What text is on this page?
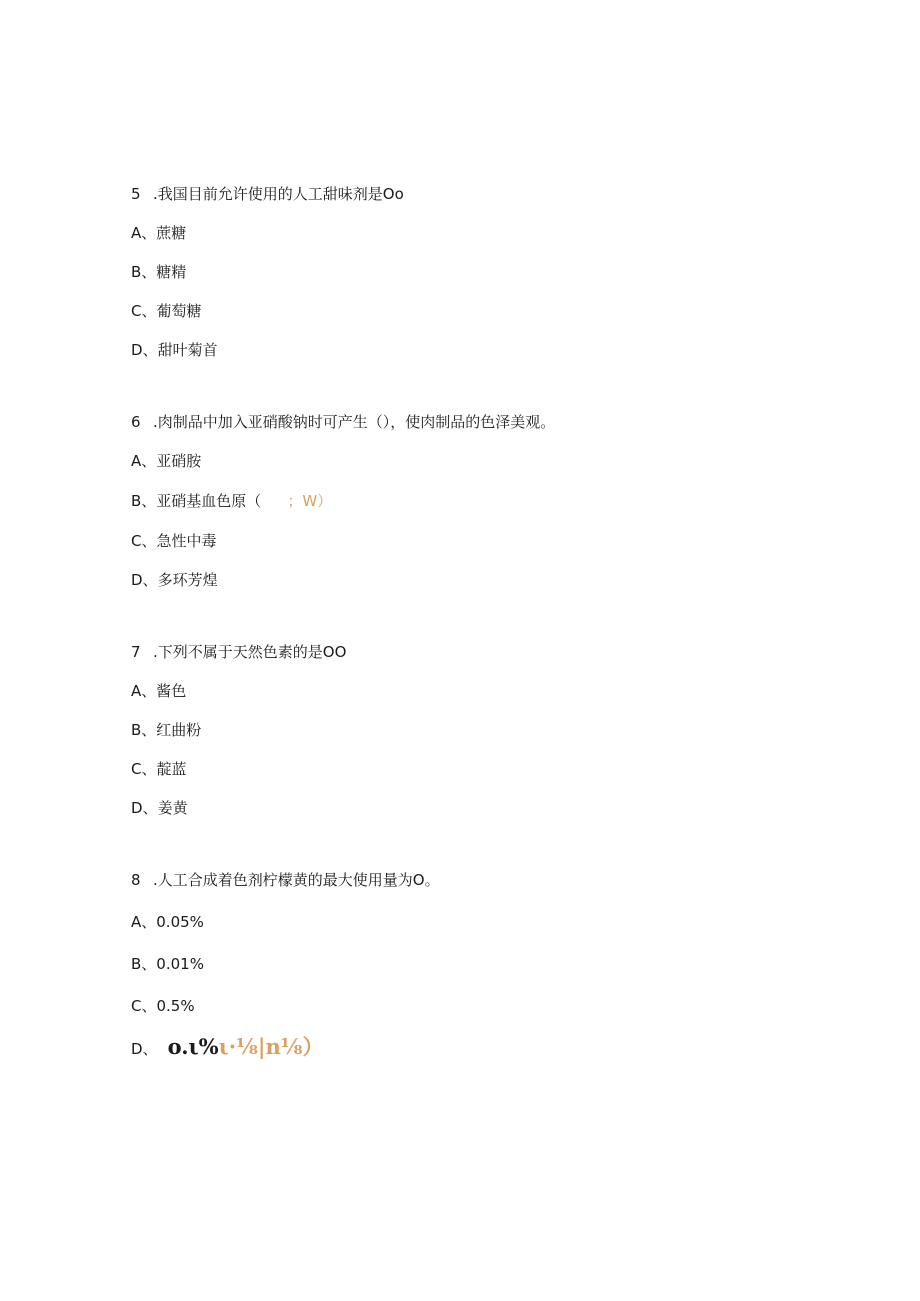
5 .我国目前允许使用的人工甜味剂是Oo
A、蔗糖
B、糖精
C、葡萄糖
D、甜叶菊首
6 .肉制品中加入亚硝酸钠时可产生（），使肉制品的色泽美观。
A、亚硝胺
B、亚硝基血色原（ ；W）
C、急性中毒
D、多环芳煌
7 .下列不属于天然色素的是OO
A、酱色
B、红曲粉
C、靛蓝
D、姜黄
8 .人工合成着色剂柠檬黄的最大使用量为O。
A、0.05%
B、0.01%
C、0.5%
D、 o.ι%ι·⅛|n⅛）
